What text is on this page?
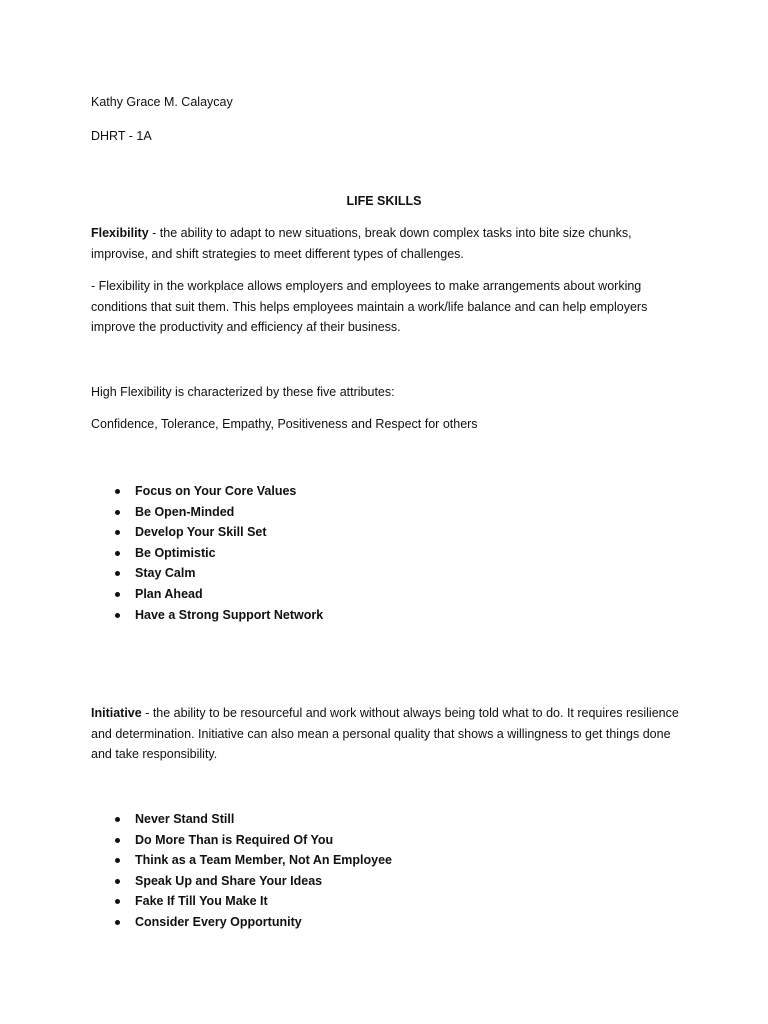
Kathy Grace M. Calaycay
DHRT - 1A
LIFE SKILLS

Flexibility - the ability to adapt to new situations, break down complex tasks into bite size chunks, improvise, and shift strategies to meet different types of challenges.

- Flexibility in the workplace allows employers and employees to make arrangements about working conditions that suit them. This helps employees maintain a work/life balance and can help employers improve the productivity and efficiency af their business.

High Flexibility is characterized by these five attributes:
Confidence, Tolerance, Empathy, Positiveness and Respect for others
Focus on Your Core Values
Be Open-Minded
Develop Your Skill Set
Be Optimistic
Stay Calm
Plan Ahead
Have a Strong Support Network

Initiative - the ability to be resourceful and work without always being told what to do. It requires resilience and determination. Initiative can also mean a personal quality that shows a willingness to get things done and take responsibility.

Never Stand Still
Do More Than is Required Of You
Think as a Team Member, Not An Employee
Speak Up and Share Your Ideas
Fake If Till You Make It
Consider Every Opportunity
